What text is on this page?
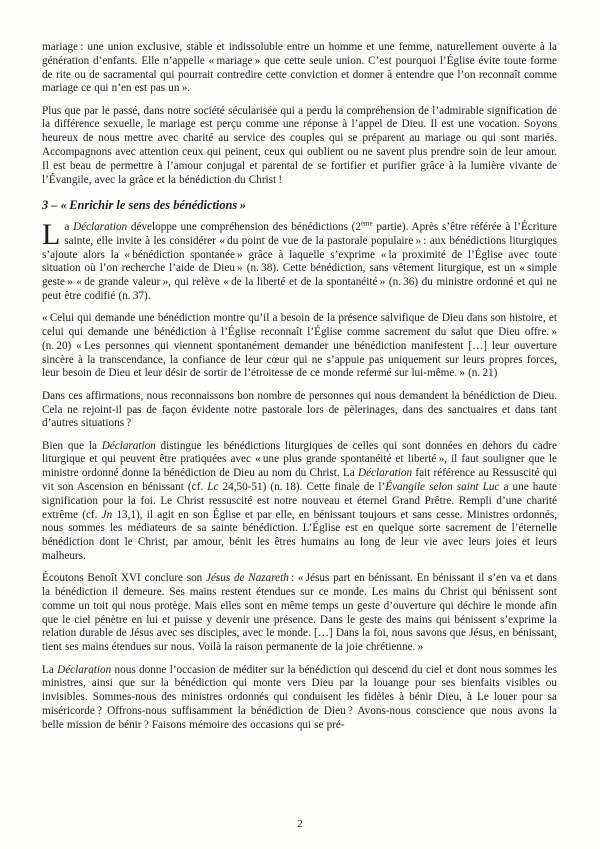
mariage : une union exclusive, stable et indissoluble entre un homme et une femme, naturellement ouverte à la génération d’enfants. Elle n’appelle « mariage » que cette seule union. C’est pourquoi l’Église évite toute forme de rite ou de sacramental qui pourrait contredire cette conviction et donner à entendre que l’on reconnaît comme mariage ce qui n’en est pas un ».

Plus que par le passé, dans notre société sécularisée qui a perdu la compréhension de l’admirable signification de la différence sexuelle, le mariage est perçu comme une réponse à l’appel de Dieu. Il est une vocation. Soyons heureux de nous mettre avec charité au service des couples qui se préparent au mariage ou qui sont mariés. Accompagnons avec attention ceux qui peinent, ceux qui oublient ou ne savent plus prendre soin de leur amour. Il est beau de permettre à l’amour conjugal et parental de se fortifier et purifier grâce à la lumière vivante de l’Évangile, avec la grâce et la bénédiction du Christ !

3 – « Enrichir le sens des bénédictions »

La Déclaration développe une compréhension des bénédictions (2ème partie). Après s’être référée à l’Écriture sainte, elle invite à les considérer « du point de vue de la pastorale populaire » : aux bénédictions liturgiques s’ajoute alors la « bénédiction spontanée » grâce à laquelle s’exprime « la proximité de l’Église avec toute situation où l’on recherche l’aide de Dieu » (n. 38). Cette bénédiction, sans vêtement liturgique, est un « simple geste » « de grande valeur », qui relève « de la liberté et de la spontanéité » (n. 36) du ministre ordonné et qui ne peut être codifié (n. 37).

« Celui qui demande une bénédiction montre qu’il a besoin de la présence salvifique de Dieu dans son histoire, et celui qui demande une bénédiction à l’Église reconnaît l’Église comme sacrement du salut que Dieu offre. » (n. 20) « Les personnes qui viennent spontanément demander une bénédiction manifestent […] leur ouverture sincère à la transcendance, la confiance de leur cœur qui ne s’appuie pas uniquement sur leurs propres forces, leur besoin de Dieu et leur désir de sortir de l’étroitesse de ce monde refermé sur lui-même. » (n. 21)

Dans ces affirmations, nous reconnaissons bon nombre de personnes qui nous demandent la bénédiction de Dieu. Cela ne rejoint-il pas de façon évidente notre pastorale lors de pèlerinages, dans des sanctuaires et dans tant d’autres situations ?

Bien que la Déclaration distingue les bénédictions liturgiques de celles qui sont données en dehors du cadre liturgique et qui peuvent être pratiquées avec « une plus grande spontanéité et liberté », il faut souligner que le ministre ordonné donne la bénédiction de Dieu au nom du Christ. La Déclaration fait référence au Ressuscité qui vit son Ascension en bénissant (cf. Lc 24,50-51) (n. 18). Cette finale de l’Évangile selon saint Luc a une haute signification pour la foi. Le Christ ressuscité est notre nouveau et éternel Grand Prêtre. Rempli d’une charité extrême (cf. Jn 13,1), il agit en son Église et par elle, en bénissant toujours et sans cesse. Ministres ordonnés, nous sommes les médiateurs de sa sainte bénédiction. L’Église est en quelque sorte sacrement de l’éternelle bénédiction dont le Christ, par amour, bénit les êtres humains au long de leur vie avec leurs joies et leurs malheurs.

Écoutons Benoît XVI conclure son Jésus de Nazareth : « Jésus part en bénissant. En bénissant il s’en va et dans la bénédiction il demeure. Ses mains restent étendues sur ce monde. Les mains du Christ qui bénissent sont comme un toit qui nous protège. Mais elles sont en même temps un geste d’ouverture qui déchire le monde afin que le ciel pénètre en lui et puisse y devenir une présence. Dans le geste des mains qui bénissent s’exprime la relation durable de Jésus avec ses disciples, avec le monde. […] Dans la foi, nous savons que Jésus, en bénissant, tient ses mains étendues sur nous. Voilà la raison permanente de la joie chrétienne. »

La Déclaration nous donne l’occasion de méditer sur la bénédiction qui descend du ciel et dont nous sommes les ministres, ainsi que sur la bénédiction qui monte vers Dieu par la louange pour ses bienfaits visibles ou invisibles. Sommes-nous des ministres ordonnés qui conduisent les fidèles à bénir Dieu, à Le louer pour sa miséricorde ? Offrons-nous suffisamment la bénédiction de Dieu ? Avons-nous conscience que nous avons la belle mission de bénir ? Faisons mémoire des occasions qui se pré-

2
